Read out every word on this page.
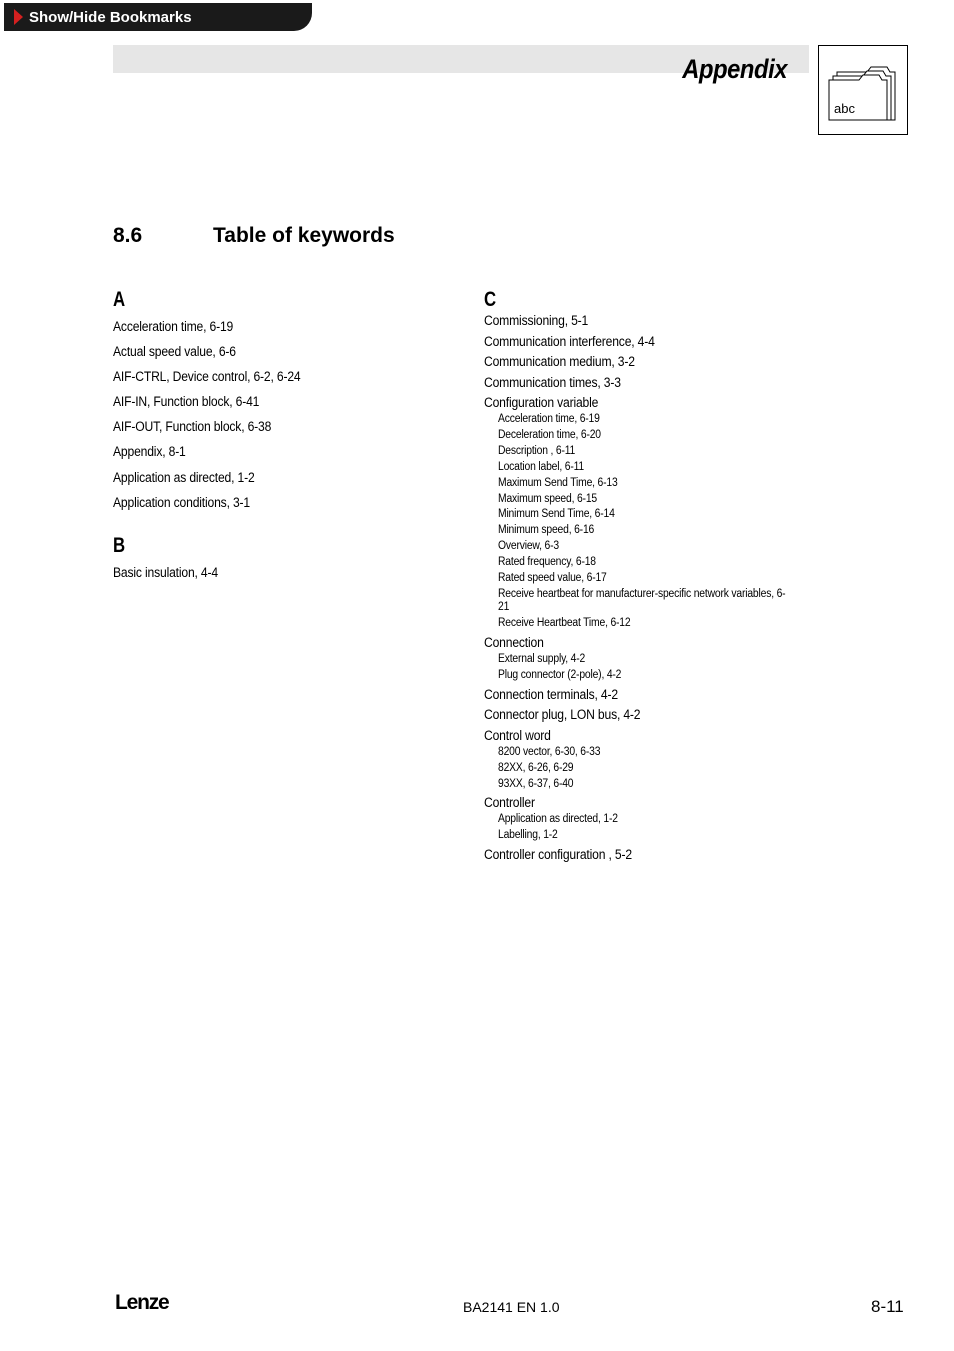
Show/Hide Bookmarks
Appendix
abc
8.6	Table of keywords
A
Acceleration time, 6-19
Actual speed value, 6-6
AIF-CTRL, Device control, 6-2, 6-24
AIF-IN, Function block, 6-41
AIF-OUT, Function block, 6-38
Appendix, 8-1
Application as directed, 1-2
Application conditions, 3-1
B
Basic insulation, 4-4
C
Commissioning, 5-1
Communication interference, 4-4
Communication medium, 3-2
Communication times, 3-3
Configuration variable
Acceleration time, 6-19
Deceleration time, 6-20
Description , 6-11
Location label, 6-11
Maximum Send Time, 6-13
Maximum speed, 6-15
Minimum Send Time, 6-14
Minimum speed, 6-16
Overview, 6-3
Rated frequency, 6-18
Rated speed value, 6-17
Receive heartbeat for manufacturer-specific network variables, 6-21
Receive Heartbeat Time, 6-12
Connection
External supply, 4-2
Plug connector (2-pole), 4-2
Connection terminals, 4-2
Connector plug, LON bus, 4-2
Control word
8200 vector, 6-30, 6-33
82XX, 6-26, 6-29
93XX, 6-37, 6-40
Controller
Application as directed, 1-2
Labelling, 1-2
Controller configuration , 5-2
Lenze	BA2141 EN 1.0	8-11
